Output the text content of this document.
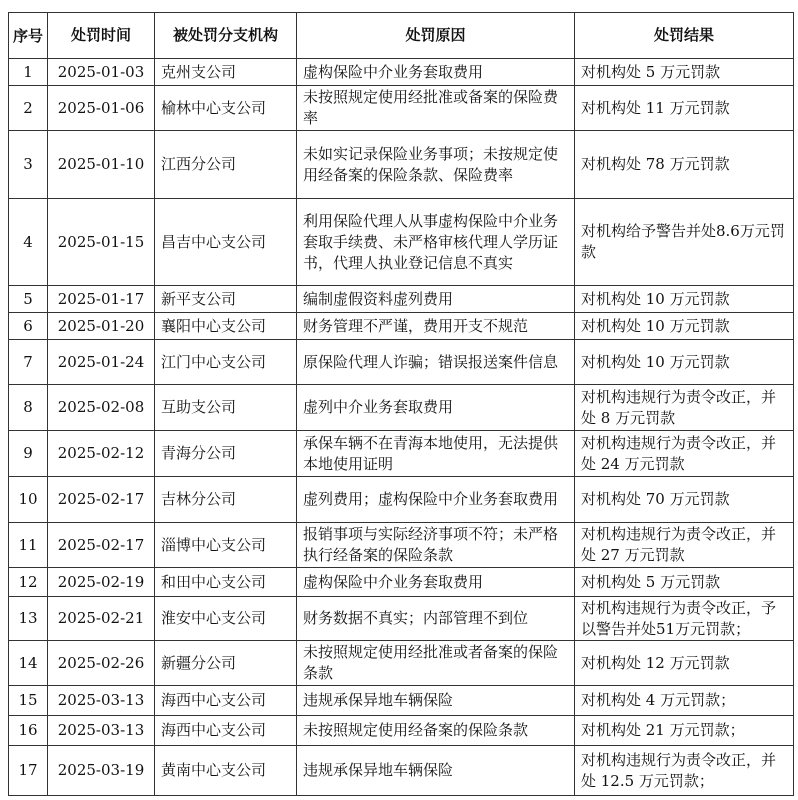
序号	处罚时间	被处罚分支机构	处罚原因	处罚结果
1	2025-01-03	克州支公司	虚构保险中介业务套取费用	对机构处 5 万元罚款
2	2025-01-06	榆林中心支公司	未按照规定使用经批准或备案的保险费率	对机构处 11 万元罚款
3	2025-01-10	江西分公司	未如实记录保险业务事项；未按规定使用经备案的保险条款、保险费率	对机构处 78 万元罚款
4	2025-01-15	昌吉中心支公司	利用保险代理人从事虚构保险中介业务套取手续费、未严格审核代理人学历证书，代理人执业登记信息不真实	对机构给予警告并处8.6万元罚款
5	2025-01-17	新平支公司	编制虚假资料虚列费用	对机构处 10 万元罚款
6	2025-01-20	襄阳中心支公司	财务管理不严谨，费用开支不规范	对机构处 10 万元罚款
7	2025-01-24	江门中心支公司	原保险代理人诈骗；错误报送案件信息	对机构处 10 万元罚款
8	2025-02-08	互助支公司	虚列中介业务套取费用	对机构违规行为责令改正，并处 8 万元罚款
9	2025-02-12	青海分公司	承保车辆不在青海本地使用，无法提供本地使用证明	对机构违规行为责令改正，并处 24 万元罚款
10	2025-02-17	吉林分公司	虚列费用；虚构保险中介业务套取费用	对机构处 70 万元罚款
11	2025-02-17	淄博中心支公司	报销事项与实际经济事项不符；未严格执行经备案的保险条款	对机构违规行为责令改正，并处 27 万元罚款
12	2025-02-19	和田中心支公司	虚构保险中介业务套取费用	对机构处 5 万元罚款
13	2025-02-21	淮安中心支公司	财务数据不真实；内部管理不到位	对机构违规行为责令改正，予以警告并处51万元罚款；
14	2025-02-26	新疆分公司	未按照规定使用经批准或者备案的保险条款	对机构处 12 万元罚款
15	2025-03-13	海西中心支公司	违规承保异地车辆保险	对机构处 4 万元罚款；
16	2025-03-13	海西中心支公司	未按照规定使用经备案的保险条款	对机构处 21 万元罚款；
17	2025-03-19	黄南中心支公司	违规承保异地车辆保险	对机构违规行为责令改正，并处 12.5 万元罚款；
